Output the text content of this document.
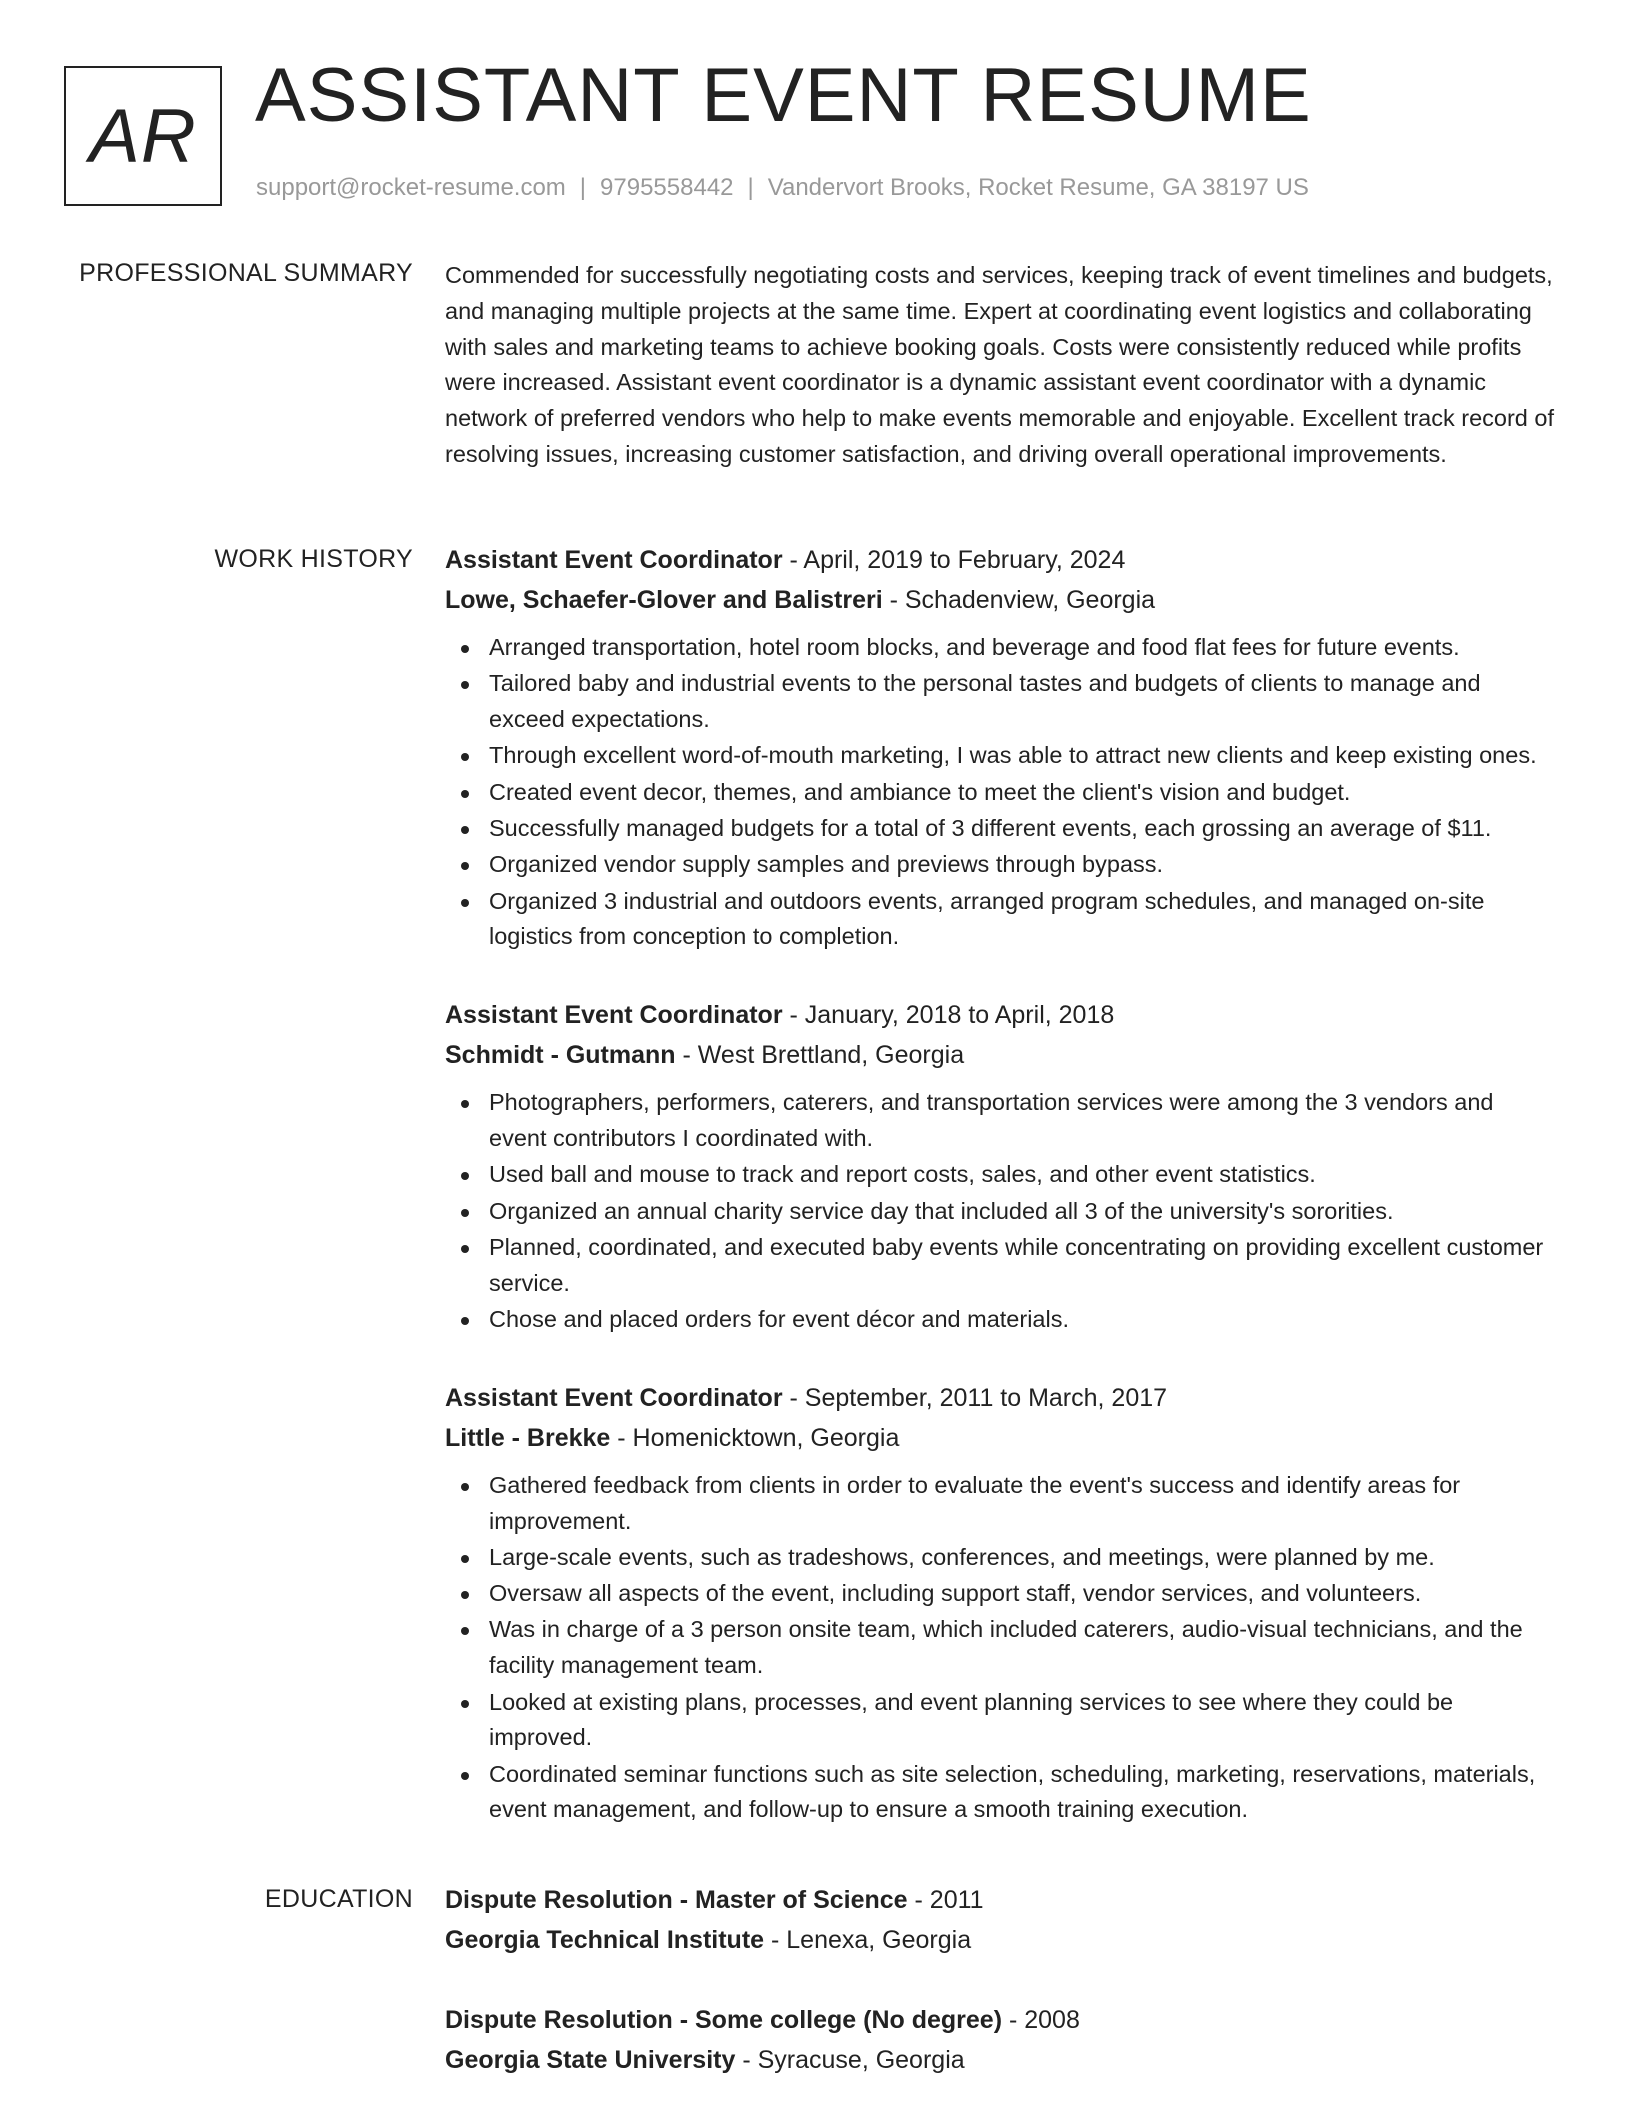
AR ASSISTANT EVENT RESUME
support@rocket-resume.com | 9795558442 | Vandervort Brooks, Rocket Resume, GA 38197 US
PROFESSIONAL SUMMARY Commended for successfully negotiating costs and services, keeping track of event timelines and budgets, and managing multiple projects at the same time. Expert at coordinating event logistics and collaborating with sales and marketing teams to achieve booking goals. Costs were consistently reduced while profits were increased. Assistant event coordinator is a dynamic assistant event coordinator with a dynamic network of preferred vendors who help to make events memorable and enjoyable. Excellent track record of resolving issues, increasing customer satisfaction, and driving overall operational improvements.

WORK HISTORY Assistant Event Coordinator - April, 2019 to February, 2024
Lowe, Schaefer-Glover and Balistreri - Schadenview, Georgia
Arranged transportation, hotel room blocks, and beverage and food flat fees for future events.
Tailored baby and industrial events to the personal tastes and budgets of clients to manage and exceed expectations.
Through excellent word-of-mouth marketing, I was able to attract new clients and keep existing ones.
Created event decor, themes, and ambiance to meet the client's vision and budget.
Successfully managed budgets for a total of 3 different events, each grossing an average of $11.
Organized vendor supply samples and previews through bypass.
Organized 3 industrial and outdoors events, arranged program schedules, and managed on-site logistics from conception to completion.
Assistant Event Coordinator - January, 2018 to April, 2018
Schmidt - Gutmann - West Brettland, Georgia
Photographers, performers, caterers, and transportation services were among the 3 vendors and event contributors I coordinated with.
Used ball and mouse to track and report costs, sales, and other event statistics.
Organized an annual charity service day that included all 3 of the university's sororities.
Planned, coordinated, and executed baby events while concentrating on providing excellent customer service.
Chose and placed orders for event décor and materials.
Assistant Event Coordinator - September, 2011 to March, 2017
Little - Brekke - Homenicktown, Georgia
Gathered feedback from clients in order to evaluate the event's success and identify areas for improvement.
Large-scale events, such as tradeshows, conferences, and meetings, were planned by me.
Oversaw all aspects of the event, including support staff, vendor services, and volunteers.
Was in charge of a 3 person onsite team, which included caterers, audio-visual technicians, and the facility management team.
Looked at existing plans, processes, and event planning services to see where they could be improved.
Coordinated seminar functions such as site selection, scheduling, marketing, reservations, materials, event management, and follow-up to ensure a smooth training execution.
EDUCATION Dispute Resolution - Master of Science - 2011
Georgia Technical Institute - Lenexa, Georgia
Dispute Resolution - Some college (No degree) - 2008
Georgia State University - Syracuse, Georgia
